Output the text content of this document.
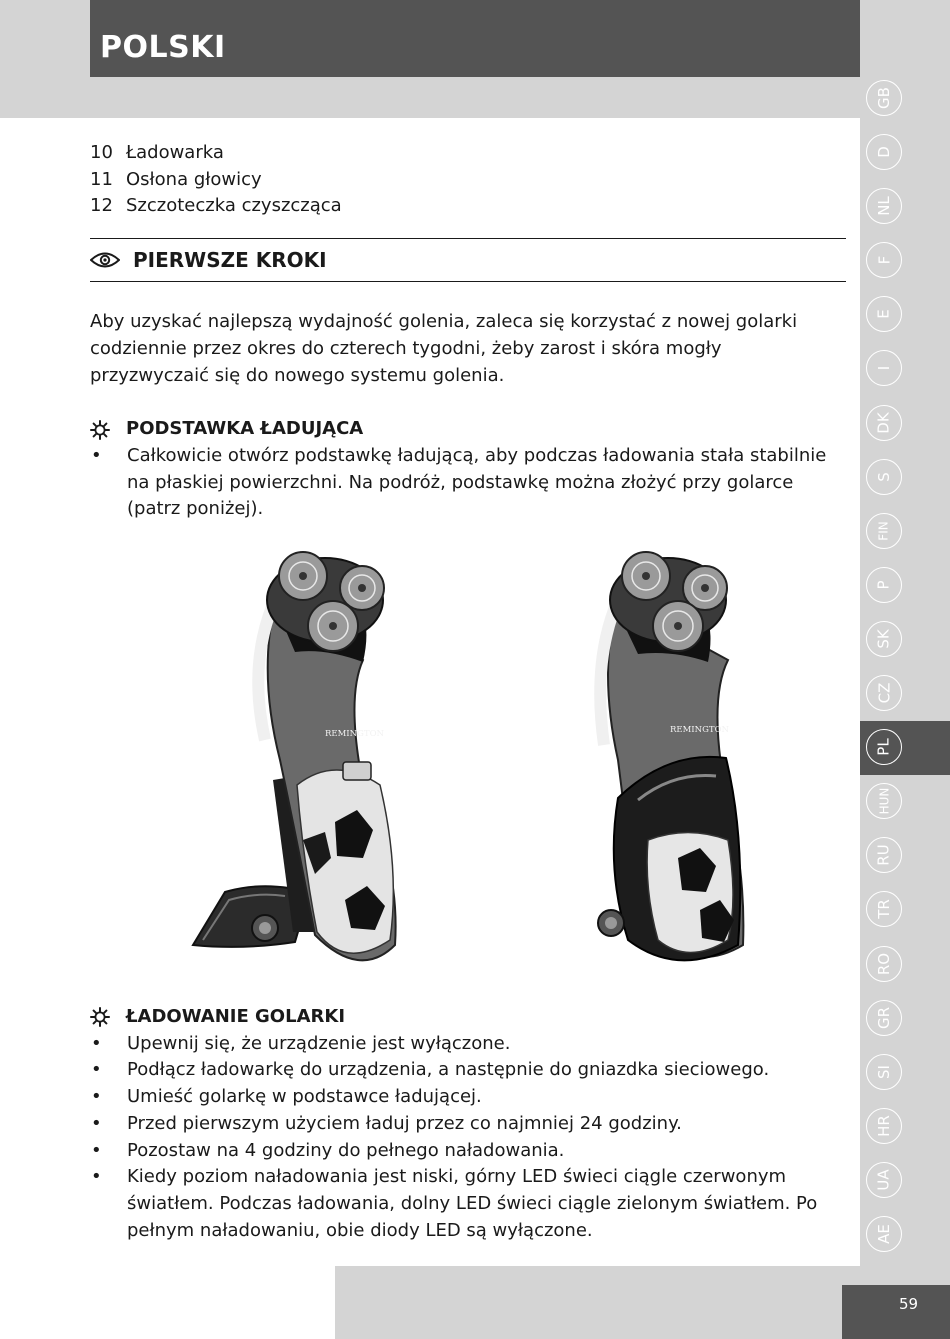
POLSKI
GB
D
NL
F
E
I
DK
S
FIN
P
SK
CZ
PL
HUN
RU
TR
RO
GR
SI
HR
UA
AE
59
10 Ładowarka
11 Osłona głowicy
12 Szczoteczka czyszcząca
PIERWSZE KROKI

Aby uzyskać najlepszą wydajność golenia, zaleca się korzystać z nowej golarki codziennie przez okres do czterech tygodni, żeby zarost i skóra mogły przyzwyczaić się do nowego systemu golenia.

PODSTAWKA ŁADUJĄCA
•	Całkowicie otwórz podstawkę ładującą, aby podczas ładowania stała stabilnie na płaskiej powierzchni. Na podróż, podstawkę można złożyć przy golarce (patrz poniżej).
ŁADOWANIE GOLARKI
•	Upewnij się, że urządzenie jest wyłączone.
•	Podłącz ładowarkę do urządzenia, a następnie do gniazdka sieciowego.
•	Umieść golarkę w podstawce ładującej.
•	Przed pierwszym użyciem ładuj przez co najmniej 24 godziny.
•	Pozostaw na 4 godziny do pełnego naładowania.
•	Kiedy poziom naładowania jest niski, górny LED świeci ciągle czerwonym światłem. Podczas ładowania, dolny LED świeci ciągle zielonym światłem. Po pełnym naładowaniu, obie diody LED są wyłączone.
REMINGTON	REMINGTON
